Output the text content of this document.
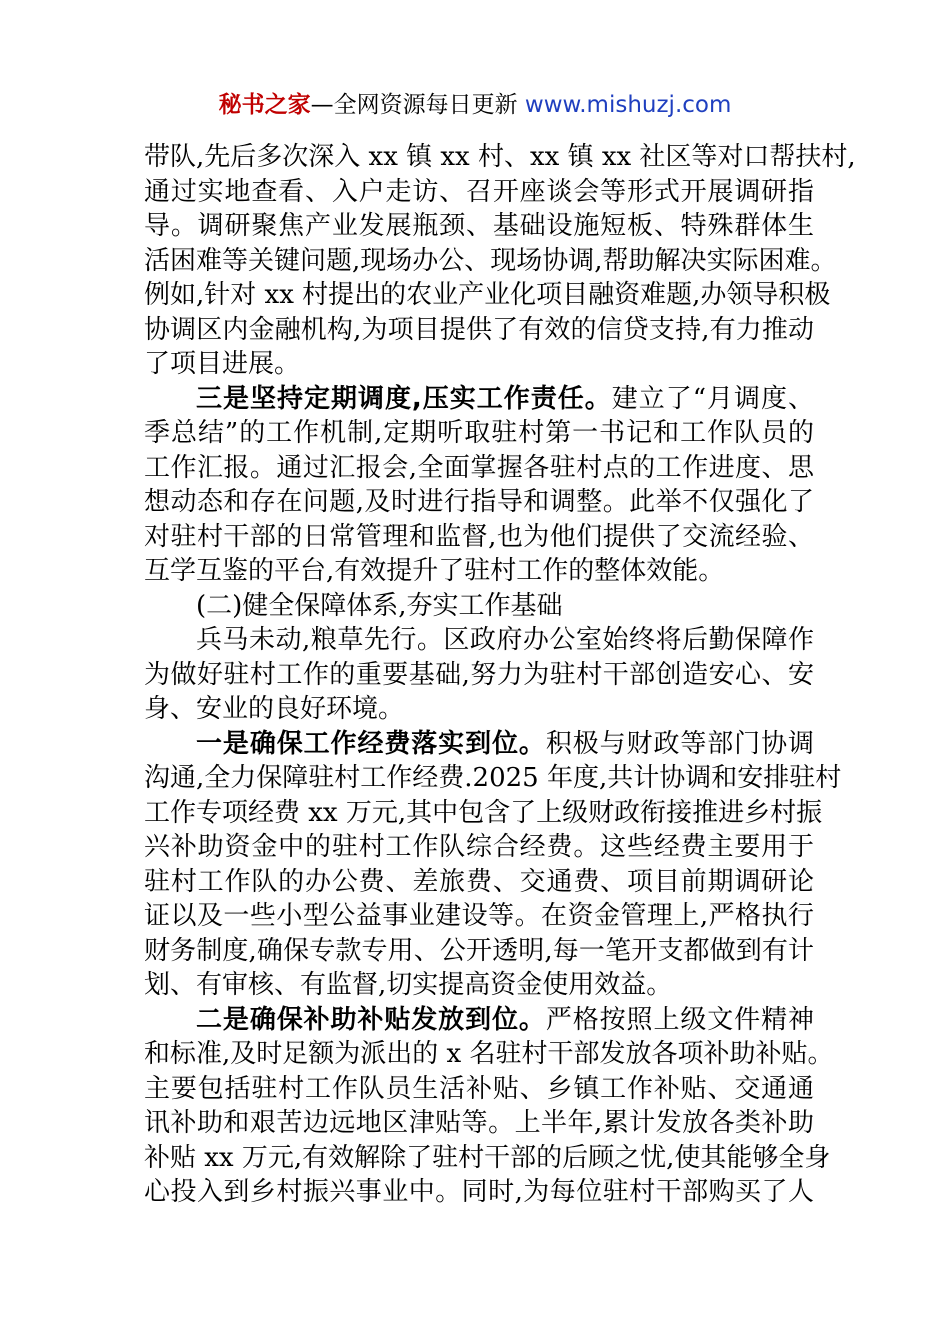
秘书之家—全网资源每日更新 www.mishuzj.com
带队,先后多次深入 xx 镇 xx 村、xx 镇 xx 社区等对口帮扶村,
通过实地查看、入户走访、召开座谈会等形式开展调研指
导。调研聚焦产业发展瓶颈、基础设施短板、特殊群体生
活困难等关键问题,现场办公、现场协调,帮助解决实际困难。
例如,针对 xx 村提出的农业产业化项目融资难题,办领导积极
协调区内金融机构,为项目提供了有效的信贷支持,有力推动
了项目进展。
三是坚持定期调度,压实工作责任。建立了“月调度、
季总结”的工作机制,定期听取驻村第一书记和工作队员的
工作汇报。通过汇报会,全面掌握各驻村点的工作进度、思
想动态和存在问题,及时进行指导和调整。此举不仅强化了
对驻村干部的日常管理和监督,也为他们提供了交流经验、
互学互鉴的平台,有效提升了驻村工作的整体效能。
(二)健全保障体系,夯实工作基础
兵马未动,粮草先行。区政府办公室始终将后勤保障作
为做好驻村工作的重要基础,努力为驻村干部创造安心、安
身、安业的良好环境。
一是确保工作经费落实到位。积极与财政等部门协调
沟通,全力保障驻村工作经费.2025 年度,共计协调和安排驻村
工作专项经费 xx 万元,其中包含了上级财政衔接推进乡村振
兴补助资金中的驻村工作队综合经费。这些经费主要用于
驻村工作队的办公费、差旅费、交通费、项目前期调研论
证以及一些小型公益事业建设等。在资金管理上,严格执行
财务制度,确保专款专用、公开透明,每一笔开支都做到有计
划、有审核、有监督,切实提高资金使用效益。
二是确保补助补贴发放到位。严格按照上级文件精神
和标准,及时足额为派出的 x 名驻村干部发放各项补助补贴。
主要包括驻村工作队员生活补贴、乡镇工作补贴、交通通
讯补助和艰苦边远地区津贴等。上半年,累计发放各类补助
补贴 xx 万元,有效解除了驻村干部的后顾之忧,使其能够全身
心投入到乡村振兴事业中。同时,为每位驻村干部购买了人
